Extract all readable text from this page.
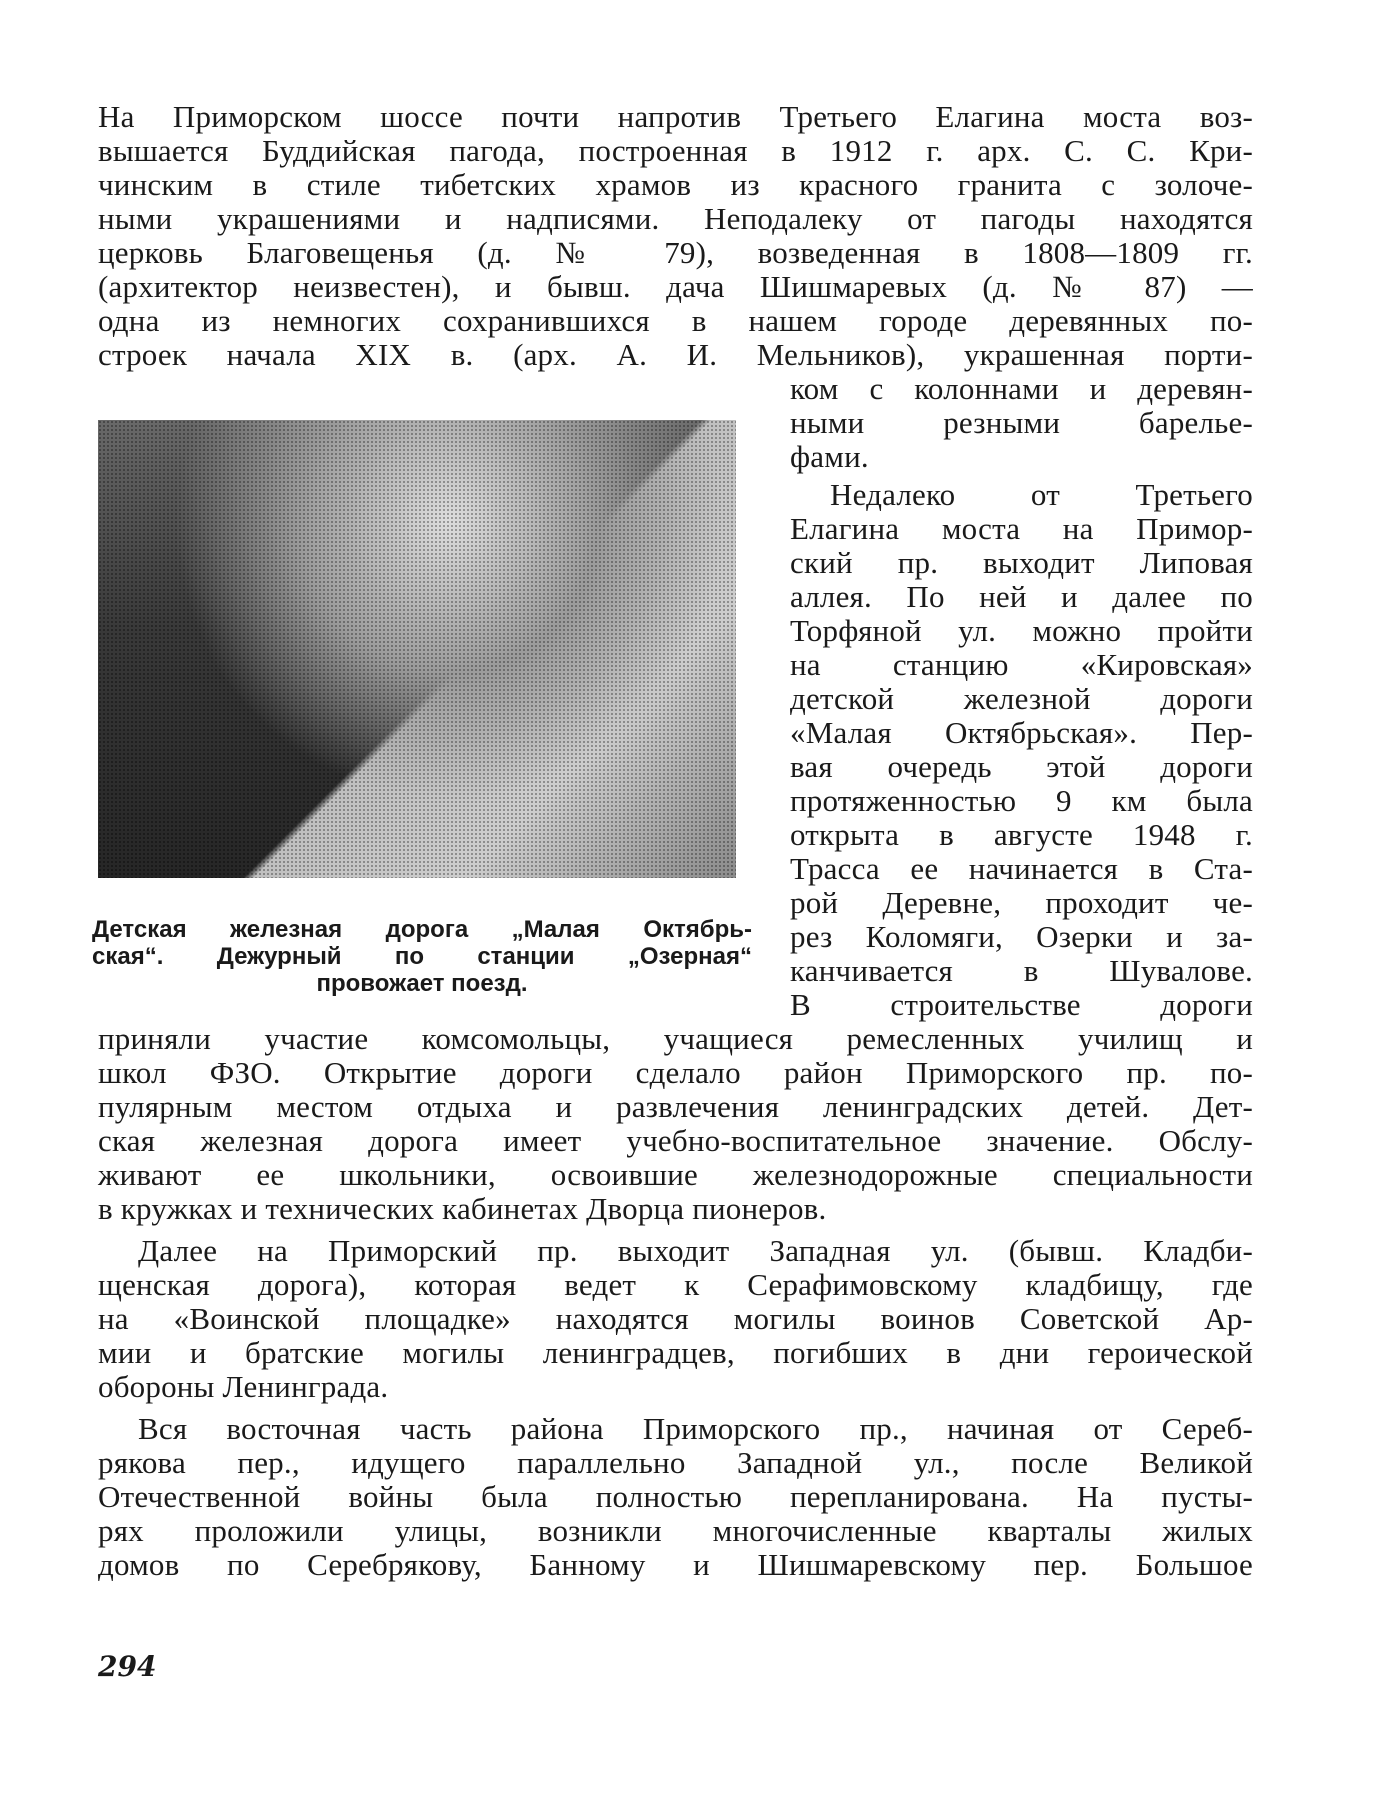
На Приморском шоссе почти напротив Третьего Елагина моста воз-
вышается Буддийская пагода, построенная в 1912 г. арх. С. С. Кри-
чинским в стиле тибетских храмов из красного гранита с золоче-
ными украшениями и надписями. Неподалеку от пагоды находятся
церковь Благовещенья (д. № 79), возведенная в 1808—1809 гг.
(архитектор неизвестен), и бывш. дача Шишмаревых (д. № 87) —
одна из немногих сохранившихся в нашем городе деревянных по-
строек начала XIX в. (арх. А. И. Мельников), украшенная порти-
ком с колоннами и деревян-
ными резными барелье-
фами.
Недалеко от Третьего
Елагина моста на Примор-
ский пр. выходит Липовая
аллея. По ней и далее по
Торфяной ул. можно пройти
на станцию «Кировская»
детской железной дороги
«Малая Октябрьская». Пер-
вая очередь этой дороги
протяженностью 9 км была
открыта в августе 1948 г.
Трасса ее начинается в Ста-
рой Деревне, проходит че-
рез Коломяги, Озерки и за-
канчивается в Шувалове.
В строительстве дороги
Детская железная дорога „Малая Октябрь-
ская“. Дежурный по станции „Озерная“
провожает поезд.
приняли участие комсомольцы, учащиеся ремесленных училищ и
школ ФЗО. Открытие дороги сделало район Приморского пр. по-
пулярным местом отдыха и развлечения ленинградских детей. Дет-
ская железная дорога имеет учебно-воспитательное значение. Обслу-
живают ее школьники, освоившие железнодорожные специальности
в кружках и технических кабинетах Дворца пионеров.
Далее на Приморский пр. выходит Западная ул. (бывш. Кладби-
щенская дорога), которая ведет к Серафимовскому кладбищу, где
на «Воинской площадке» находятся могилы воинов Советской Ар-
мии и братские могилы ленинградцев, погибших в дни героической
обороны Ленинграда.
Вся восточная часть района Приморского пр., начиная от Сереб-
рякова пер., идущего параллельно Западной ул., после Великой
Отечественной войны была полностью перепланирована. На пусты-
рях проложили улицы, возникли многочисленные кварталы жилых
домов по Серебрякову, Банному и Шишмаревскому пер. Большое
294
